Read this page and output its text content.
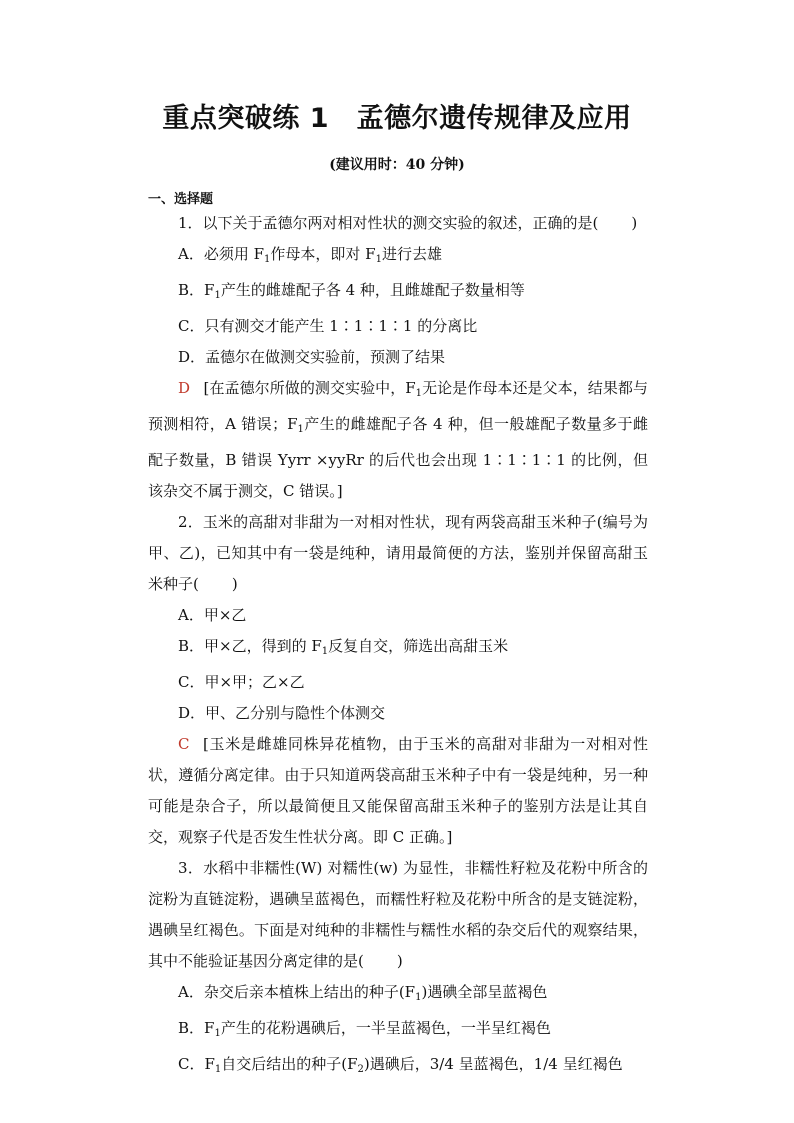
重点突破练 1　孟德尔遗传规律及应用
(建议用时：40 分钟)
一、选择题

1．以下关于孟德尔两对相对性状的测交实验的叙述，正确的是( )

A．必须用 $F_1$作母本，即对 $F_1$进行去雄

B．$F_1$产生的雌雄配子各 4 种，且雌雄配子数量相等

C．只有测交才能产生 1∶1∶1∶1 的分离比

D．孟德尔在做测交实验前，预测了结果

D [在孟德尔所做的测交实验中，$F_1$无论是作母本还是父本，结果都与预测相符，A 错误；$F_1$产生的雌雄配子各 4 种，但一般雄配子数量多于雌配子数量，B 错误 Yyrr ×yyRr 的后代也会出现 1∶1∶1∶1 的比例，但该杂交不属于测交，C 错误。]

2．玉米的高甜对非甜为一对相对性状，现有两袋高甜玉米种子(编号为甲、乙)，已知其中有一袋是纯种，请用最简便的方法，鉴别并保留高甜玉米种子( )

A．甲×乙

B．甲×乙，得到的 $F_1$反复自交，筛选出高甜玉米

C．甲×甲；乙×乙

D．甲、乙分别与隐性个体测交

C [玉米是雌雄同株异花植物，由于玉米的高甜对非甜为一对相对性状，遵循分离定律。由于只知道两袋高甜玉米种子中有一袋是纯种，另一种可能是杂合子，所以最简便且又能保留高甜玉米种子的鉴别方法是让其自交，观察子代是否发生性状分离。即 C 正确。]

3．水稻中非糯性(W) 对糯性(w) 为显性，非糯性籽粒及花粉中所含的淀粉为直链淀粉，遇碘呈蓝褐色，而糯性籽粒及花粉中所含的是支链淀粉，遇碘呈红褐色。下面是对纯种的非糯性与糯性水稻的杂交后代的观察结果，其中不能验证基因分离定律的是( )

A．杂交后亲本植株上结出的种子$(F_1)$遇碘全部呈蓝褐色

B．$F_1$产生的花粉遇碘后，一半呈蓝褐色，一半呈红褐色

C．$F_1$自交后结出的种子$(F_2)$遇碘后，3/4 呈蓝褐色，1/4 呈红褐色
